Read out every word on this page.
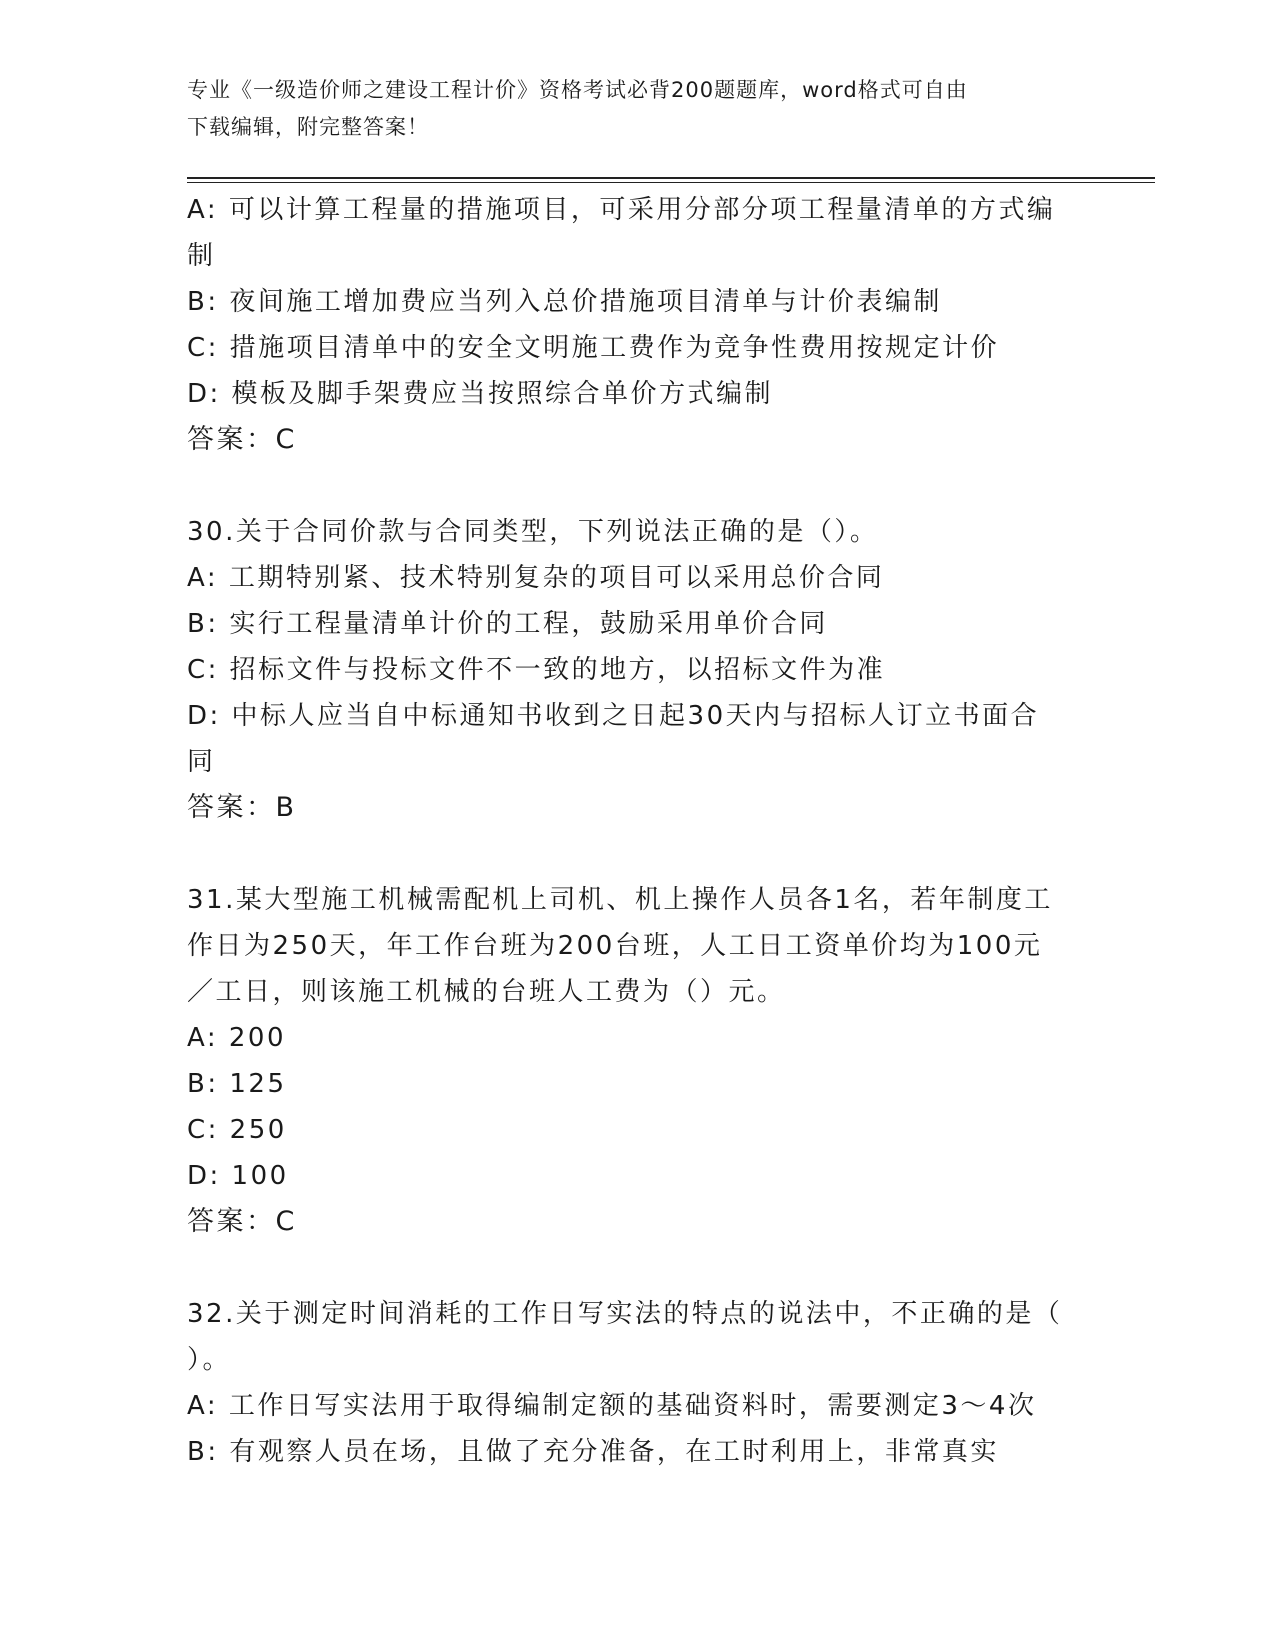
专业《一级造价师之建设工程计价》资格考试必背200题题库，word格式可自由
下载编辑，附完整答案！
A: 可以计算工程量的措施项目，可采用分部分项工程量清单的方式编
制
B: 夜间施工增加费应当列入总价措施项目清单与计价表编制
C: 措施项目清单中的安全文明施工费作为竞争性费用按规定计价
D: 模板及脚手架费应当按照综合单价方式编制
答案：C
30.关于合同价款与合同类型，下列说法正确的是（）。
A: 工期特别紧、技术特别复杂的项目可以采用总价合同
B: 实行工程量清单计价的工程，鼓励采用单价合同
C: 招标文件与投标文件不一致的地方，以招标文件为准
D: 中标人应当自中标通知书收到之日起30天内与招标人订立书面合
同
答案：B
31.某大型施工机械需配机上司机、机上操作人员各1名，若年制度工
作日为250天，年工作台班为200台班，人工日工资单价均为100元
／工日，则该施工机械的台班人工费为（）元。
A: 200
B: 125
C: 250
D: 100
答案：C
32.关于测定时间消耗的工作日写实法的特点的说法中，不正确的是（
）。
A: 工作日写实法用于取得编制定额的基础资料时，需要测定3～4次
B: 有观察人员在场，且做了充分准备，在工时利用上，非常真实
